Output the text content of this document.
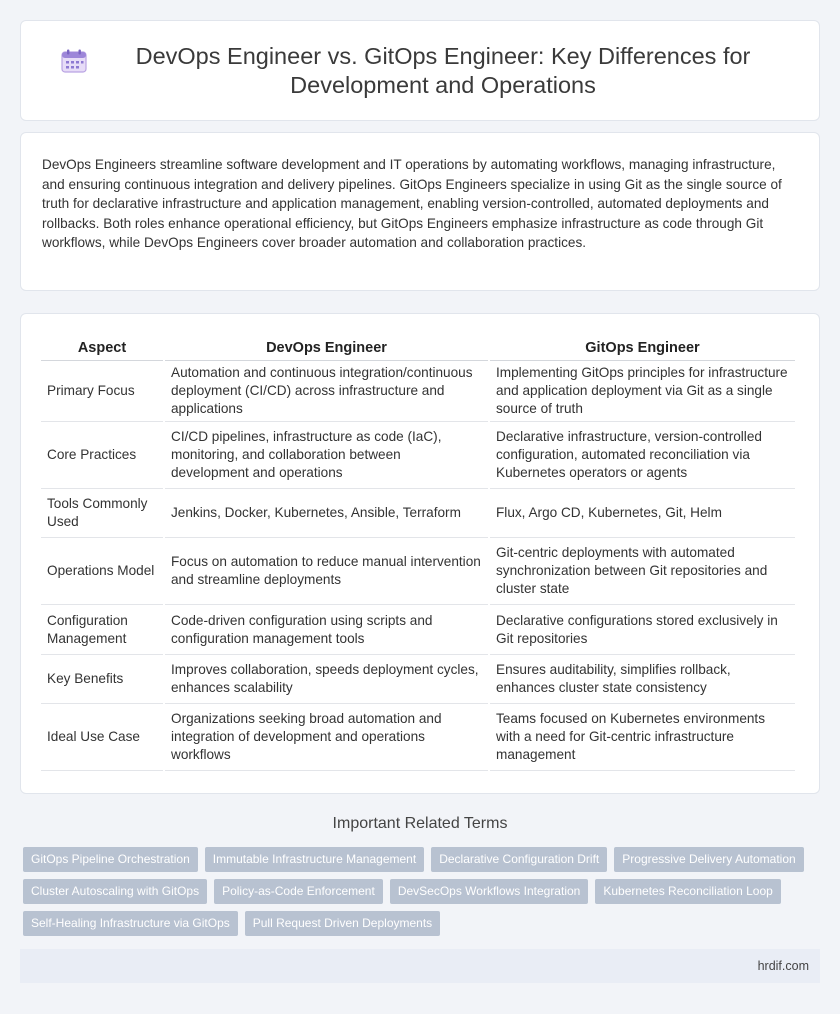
DevOps Engineer vs. GitOps Engineer: Key Differences for Development and Operations

DevOps Engineers streamline software development and IT operations by automating workflows, managing infrastructure, and ensuring continuous integration and delivery pipelines. GitOps Engineers specialize in using Git as the single source of truth for declarative infrastructure and application management, enabling version-controlled, automated deployments and rollbacks. Both roles enhance operational efficiency, but GitOps Engineers emphasize infrastructure as code through Git workflows, while DevOps Engineers cover broader automation and collaboration practices.

Aspect	DevOps Engineer	GitOps Engineer
Primary Focus	Automation and continuous integration/continuous deployment (CI/CD) across infrastructure and applications	Implementing GitOps principles for infrastructure and application deployment via Git as a single source of truth
Core Practices	CI/CD pipelines, infrastructure as code (IaC), monitoring, and collaboration between development and operations	Declarative infrastructure, version-controlled configuration, automated reconciliation via Kubernetes operators or agents
Tools Commonly Used	Jenkins, Docker, Kubernetes, Ansible, Terraform	Flux, Argo CD, Kubernetes, Git, Helm
Operations Model	Focus on automation to reduce manual intervention and streamline deployments	Git-centric deployments with automated synchronization between Git repositories and cluster state
Configuration Management	Code-driven configuration using scripts and configuration management tools	Declarative configurations stored exclusively in Git repositories
Key Benefits	Improves collaboration, speeds deployment cycles, enhances scalability	Ensures auditability, simplifies rollback, enhances cluster state consistency
Ideal Use Case	Organizations seeking broad automation and integration of development and operations workflows	Teams focused on Kubernetes environments with a need for Git-centric infrastructure management
Important Related Terms
GitOps Pipeline Orchestration	Immutable Infrastructure Management	Declarative Configuration Drift	Progressive Delivery Automation
Cluster Autoscaling with GitOps	Policy-as-Code Enforcement	DevSecOps Workflows Integration	Kubernetes Reconciliation Loop
Self-Healing Infrastructure via GitOps	Pull Request Driven Deployments
hrdif.com
